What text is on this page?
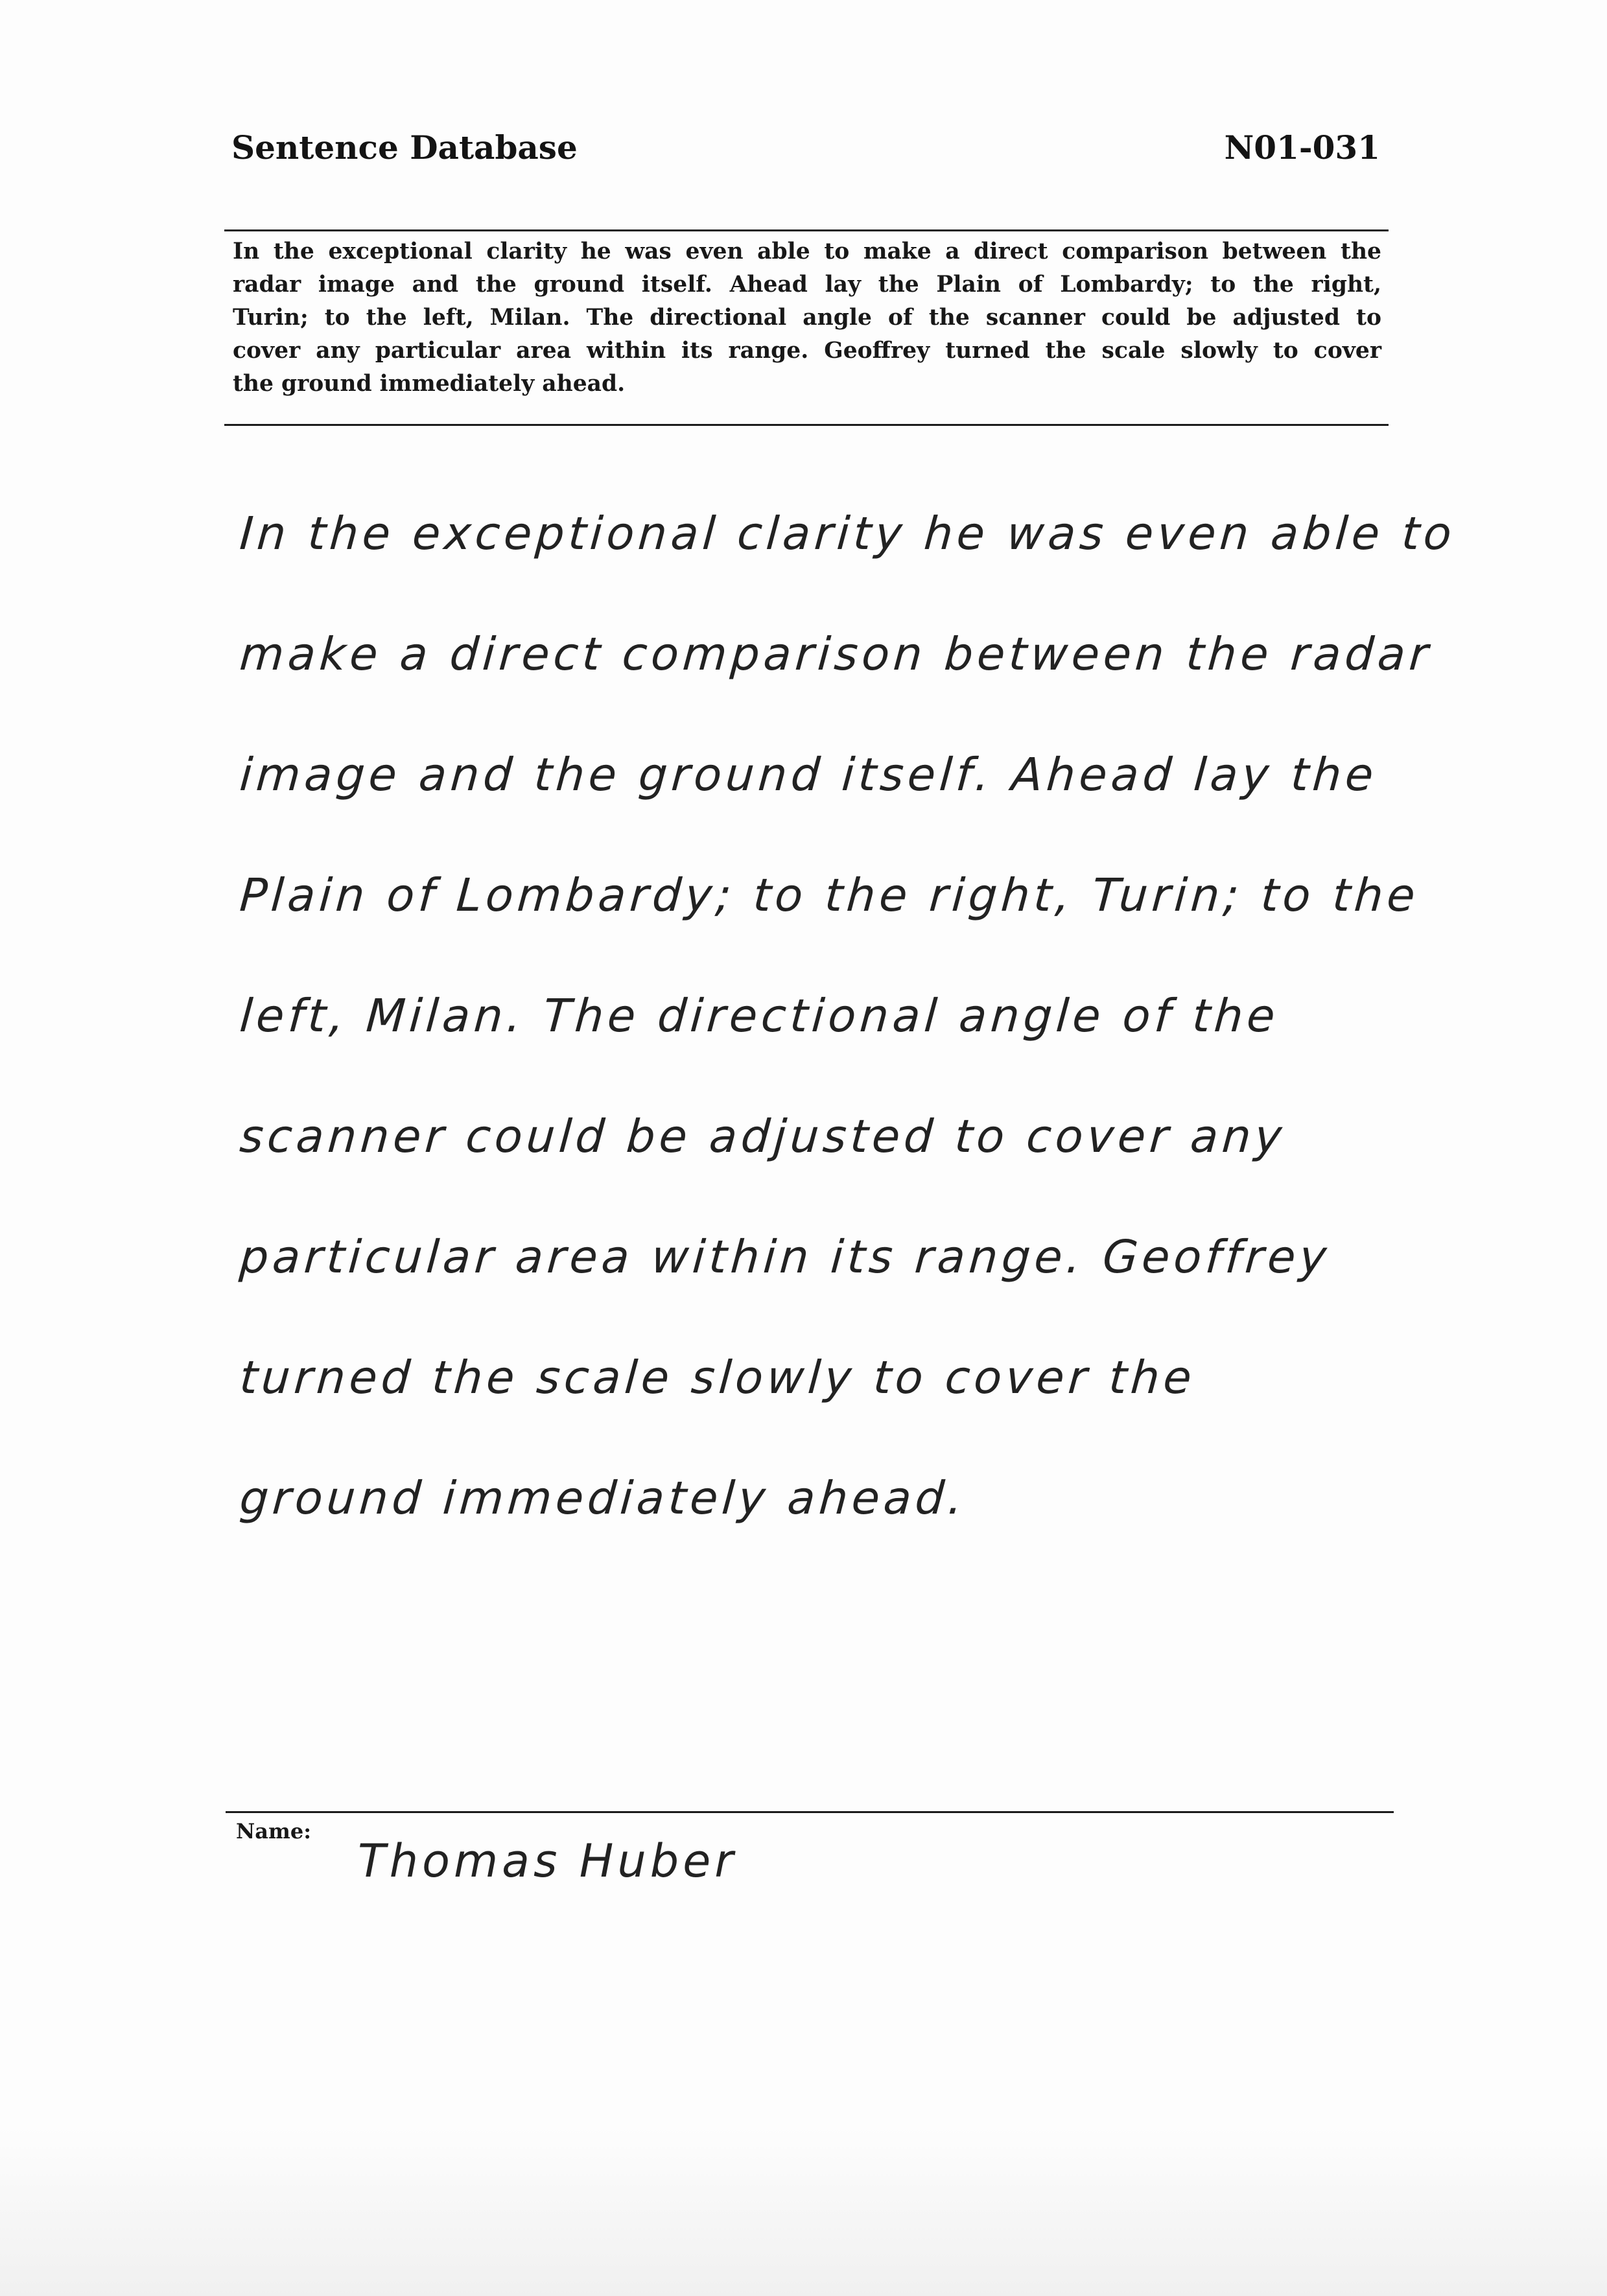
Sentence Database	N01-031
In the exceptional clarity he was even able to make a direct comparison between the
radar image and the ground itself. Ahead lay the Plain of Lombardy; to the right,
Turin; to the left, Milan. The directional angle of the scanner could be adjusted to
cover any particular area within its range. Geoffrey turned the scale slowly to cover
the ground immediately ahead.
In the exceptional clarity he was even able to
make a direct comparison between the radar
image and the ground itself. Ahead lay the
Plain of Lombardy; to the right, Turin; to the
left, Milan. The directional angle of the
scanner could be adjusted to cover any
particular area within its range. Geoffrey
turned the scale slowly to cover the
ground immediately ahead.
Name:
Thomas Huber
